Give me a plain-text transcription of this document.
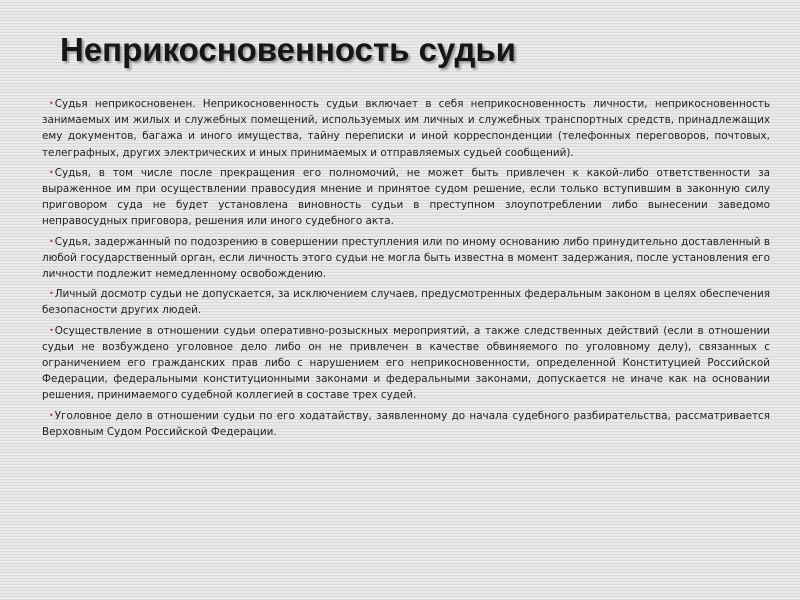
Неприкосновенность судьи
•Судья неприкосновенен. Неприкосновенность судьи включает в себя неприкосновенность личности, неприкосновенность занимаемых им жилых и служебных помещений, используемых им личных и служебных транспортных средств, принадлежащих ему документов, багажа и иного имущества, тайну переписки и иной корреспонденции (телефонных переговоров, почтовых, телеграфных, других электрических и иных принимаемых и отправляемых судьей сообщений).
•Судья, в том числе после прекращения его полномочий, не может быть привлечен к какой-либо ответственности за выраженное им при осуществлении правосудия мнение и принятое судом решение, если только вступившим в законную силу приговором суда не будет установлена виновность судьи в преступном злоупотреблении либо вынесении заведомо неправосудных приговора, решения или иного судебного акта.
•Судья, задержанный по подозрению в совершении преступления или по иному основанию либо принудительно доставленный в любой государственный орган, если личность этого судьи не могла быть известна в момент задержания, после установления его личности подлежит немедленному освобождению.
•Личный досмотр судьи не допускается, за исключением случаев, предусмотренных федеральным законом в целях обеспечения безопасности других людей.
•Осуществление в отношении судьи оперативно-розыскных мероприятий, а также следственных действий (если в отношении судьи не возбуждено уголовное дело либо он не привлечен в качестве обвиняемого по уголовному делу), связанных с ограничением его гражданских прав либо с нарушением его неприкосновенности, определенной Конституцией Российской Федерации, федеральными конституционными законами и федеральными законами, допускается не иначе как на основании решения, принимаемого судебной коллегией в составе трех судей.
•Уголовное дело в отношении судьи по его ходатайству, заявленному до начала судебного разбирательства, рассматривается Верховным Судом Российской Федерации.
